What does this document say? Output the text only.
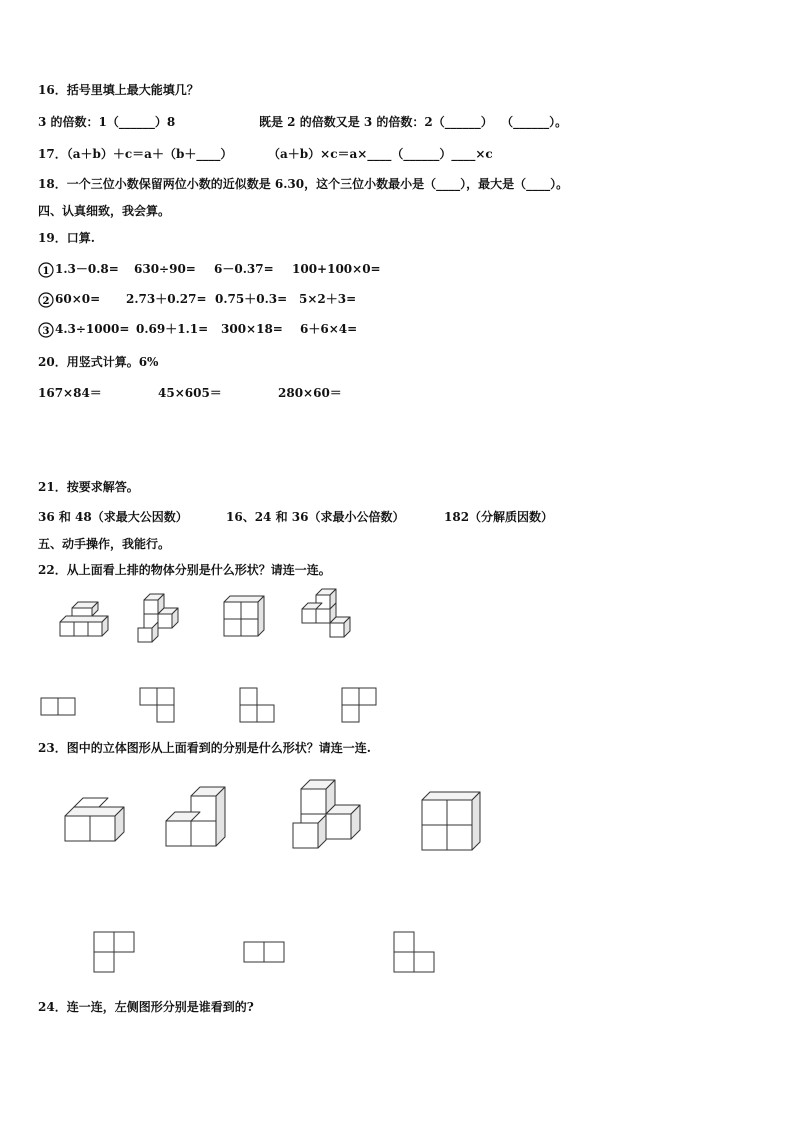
16．括号里填上最大能填几？
3 的倍数：1（______）8	既是 2 的倍数又是 3 的倍数：2（______）  （______）。
17．（a＋b）＋c＝a＋（b＋____）	（a＋b）×c＝a×____（______）____×c
18．一个三位小数保留两位小数的近似数是 6.30，这个三位小数最小是（____），最大是（____）。
四、认真细致，我会算。
19．口算.
1 1.3－0.8= 630÷90= 6－0.37= 100+100×0=
2 60×0= 2.73＋0.27= 0.75＋0.3= 5×2＋3=
3 4.3÷1000= 0.69＋1.1= 300×18= 6＋6×4=
20．用竖式计算。6%
167×84＝	45×605＝	280×60＝
21．按要求解答。
36 和 48（求最大公因数）	16、24 和 36（求最小公倍数）	182（分解质因数）
五、动手操作，我能行。
22．从上面看上排的物体分别是什么形状？请连一连。
23．图中的立体图形从上面看到的分别是什么形状？请连一连.
24．连一连，左侧图形分别是谁看到的?
